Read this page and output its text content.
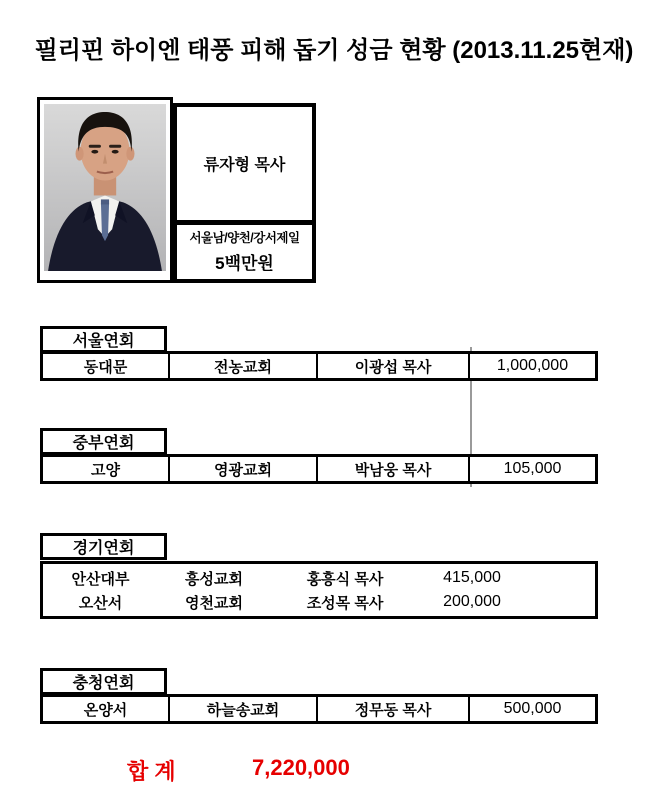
필리핀 하이엔 태풍 피해 돕기 성금 현황 (2013.11.25현재)
류자형 목사
서울남/양천/강서제일
5백만원
서울연회
동대문	전농교회	이광섭 목사	1,000,000
중부연회
고양	영광교회	박남웅 목사	105,000
경기연회
안산대부	흥성교회	홍흥식 목사	415,000
오산서	영천교회	조성목 목사	200,000
충청연회
온양서	하늘송교회	정무동 목사	500,000
합 계	7,220,000
